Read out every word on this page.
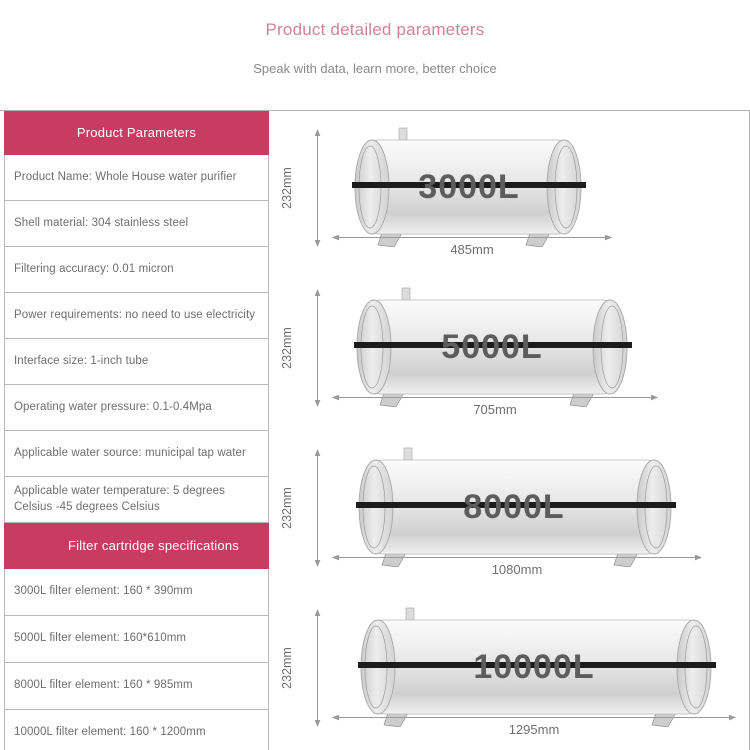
Product detailed parameters
Speak with data, learn more, better choice
Product Parameters
Product Name: Whole House water purifier
Shell material: 304 stainless steel
Filtering accuracy: 0.01 micron
Power requirements: no need to use electricity
Interface size: 1-inch tube
Operating water pressure: 0.1-0.4Mpa
Applicable water source: municipal tap water
Applicable water temperature: 5 degrees Celsius -45 degrees Celsius
Filter cartridge specifications
3000L filter element: 160 * 390mm
5000L filter element: 160*610mm
8000L filter element: 160 * 985mm
10000L filter element: 160 * 1200mm
232mm	3000L
485mm
232mm	5000L
705mm
232mm	8000L
1080mm
232mm	10000L
1295mm
